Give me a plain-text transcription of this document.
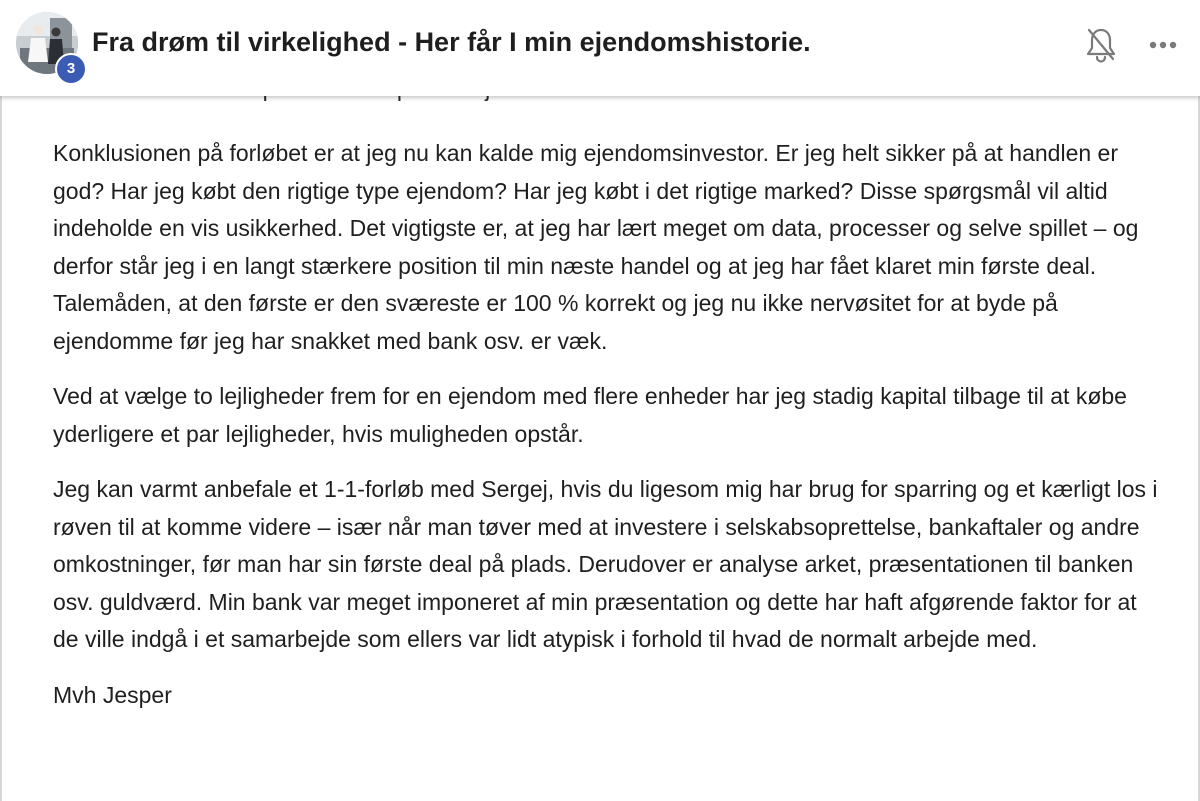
3
Fra drøm til virkelighed - Her får I min ejendomshistorie.

Konklusionen på forløbet er at jeg nu kan kalde mig ejendomsinvestor. Er jeg helt sikker på at handlen er god? Har jeg købt den rigtige type ejendom? Har jeg købt i det rigtige marked? Disse spørgsmål vil altid indeholde en vis usikkerhed. Det vigtigste er, at jeg har lært meget om data, processer og selve spillet – og derfor står jeg i en langt stærkere position til min næste handel og at jeg har fået klaret min første deal. Talemåden, at den første er den sværeste er 100 % korrekt og jeg nu ikke nervøsitet for at byde på ejendomme før jeg har snakket med bank osv. er væk.

Ved at vælge to lejligheder frem for en ejendom med flere enheder har jeg stadig kapital tilbage til at købe yderligere et par lejligheder, hvis muligheden opstår.

Jeg kan varmt anbefale et 1-1-forløb med Sergej, hvis du ligesom mig har brug for sparring og et kærligt los i røven til at komme videre – især når man tøver med at investere i selskabsoprettelse, bankaftaler og andre omkostninger, før man har sin første deal på plads. Derudover er analyse arket, præsentationen til banken osv. guldværd. Min bank var meget imponeret af min præsentation og dette har haft afgørende faktor for at de ville indgå i et samarbejde som ellers var lidt atypisk i forhold til hvad de normalt arbejde med.

Mvh Jesper
